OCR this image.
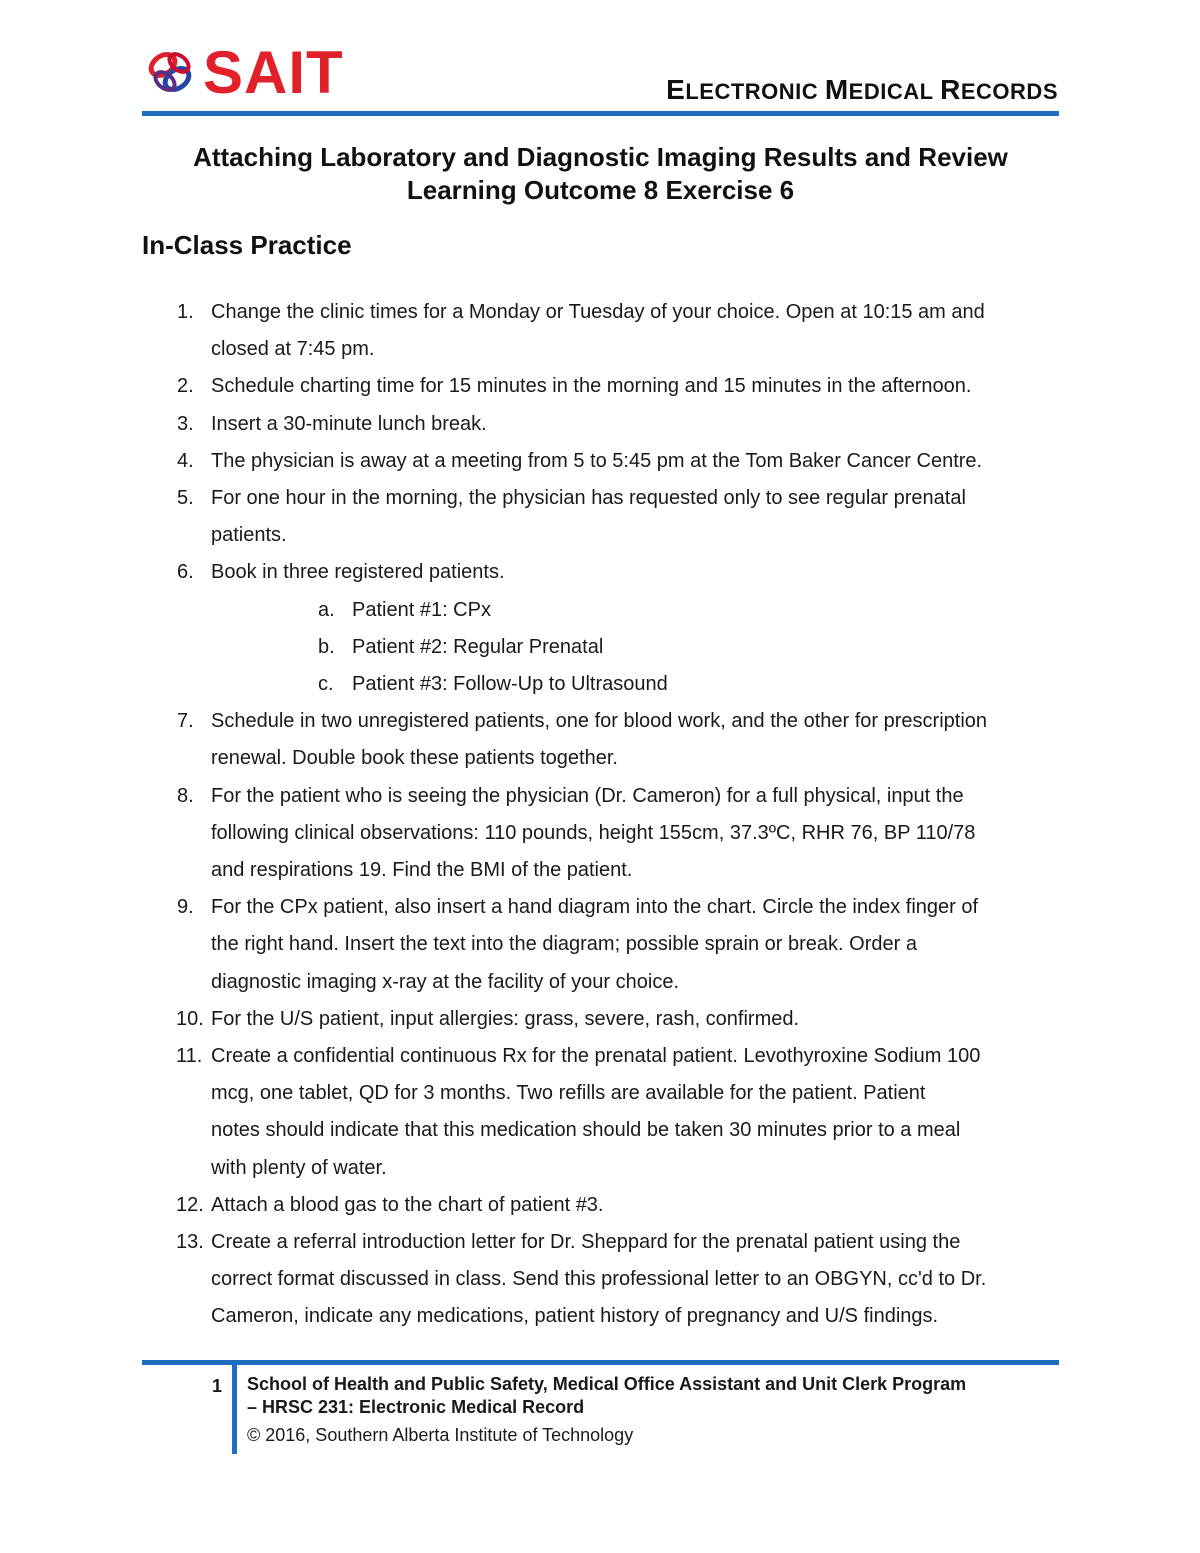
SAIT	ELECTRONIC MEDICAL RECORDS
Attaching Laboratory and Diagnostic Imaging Results and Review
Learning Outcome 8 Exercise 6
In-Class Practice
1. Change the clinic times for a Monday or Tuesday of your choice. Open at 10:15 am and
closed at 7:45 pm.
2. Schedule charting time for 15 minutes in the morning and 15 minutes in the afternoon.
3. Insert a 30-minute lunch break.
4. The physician is away at a meeting from 5 to 5:45 pm at the Tom Baker Cancer Centre.
5. For one hour in the morning, the physician has requested only to see regular prenatal
patients.
6. Book in three registered patients.
a. Patient #1: CPx
b. Patient #2: Regular Prenatal
c. Patient #3: Follow-Up to Ultrasound
7. Schedule in two unregistered patients, one for blood work, and the other for prescription
renewal. Double book these patients together.
8. For the patient who is seeing the physician (Dr. Cameron) for a full physical, input the
following clinical observations: 110 pounds, height 155cm, 37.3ºC, RHR 76, BP 110/78
and respirations 19. Find the BMI of the patient.
9. For the CPx patient, also insert a hand diagram into the chart. Circle the index finger of
the right hand. Insert the text into the diagram; possible sprain or break. Order a
diagnostic imaging x-ray at the facility of your choice.
10. For the U/S patient, input allergies: grass, severe, rash, confirmed.
11. Create a confidential continuous Rx for the prenatal patient. Levothyroxine Sodium 100
mcg, one tablet, QD for 3 months. Two refills are available for the patient. Patient
notes should indicate that this medication should be taken 30 minutes prior to a meal
with plenty of water.
12. Attach a blood gas to the chart of patient #3.
13. Create a referral introduction letter for Dr. Sheppard for the prenatal patient using the
correct format discussed in class. Send this professional letter to an OBGYN, cc'd to Dr.
Cameron, indicate any medications, patient history of pregnancy and U/S findings.
1 School of Health and Public Safety, Medical Office Assistant and Unit Clerk Program
– HRSC 231: Electronic Medical Record
© 2016, Southern Alberta Institute of Technology
